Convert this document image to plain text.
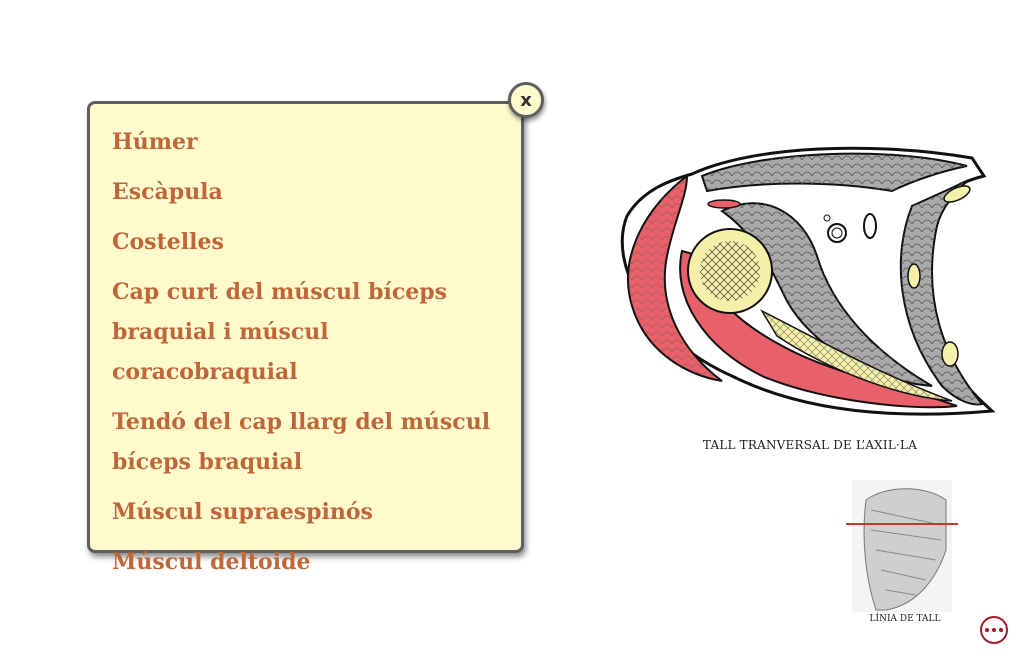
Húmer
Escàpula
Costelles
Cap curt del múscul bíceps braquial i múscul coracobraquial
Tendó del cap llarg del múscul bíceps braquial
Múscul supraespinós
Múscul deltoide
x
TALL TRANVERSAL DE L’AXIL·LA
LÍNIA DE TALL
